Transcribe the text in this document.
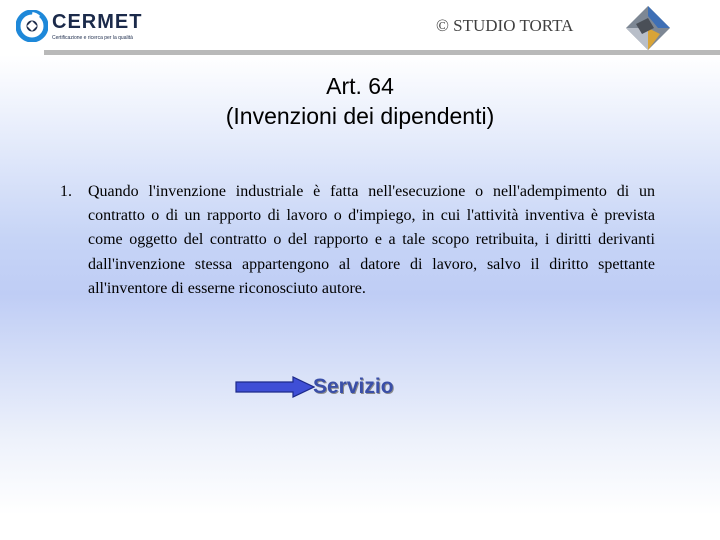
CERMET
Certificazione e ricerca per la qualità
© STUDIO TORTA
Art. 64
(Invenzioni dei dipendenti)
1. Quando l'invenzione industriale è fatta nell'esecuzione o nell'adempimento di un contratto o di un rapporto di lavoro o d'impiego, in cui l'attività inventiva è prevista come oggetto del contratto o del rapporto e a tale scopo retribuita, i diritti derivanti dall'invenzione stessa appartengono al datore di lavoro, salvo il diritto spettante all'inventore di esserne riconosciuto autore.
Servizio
